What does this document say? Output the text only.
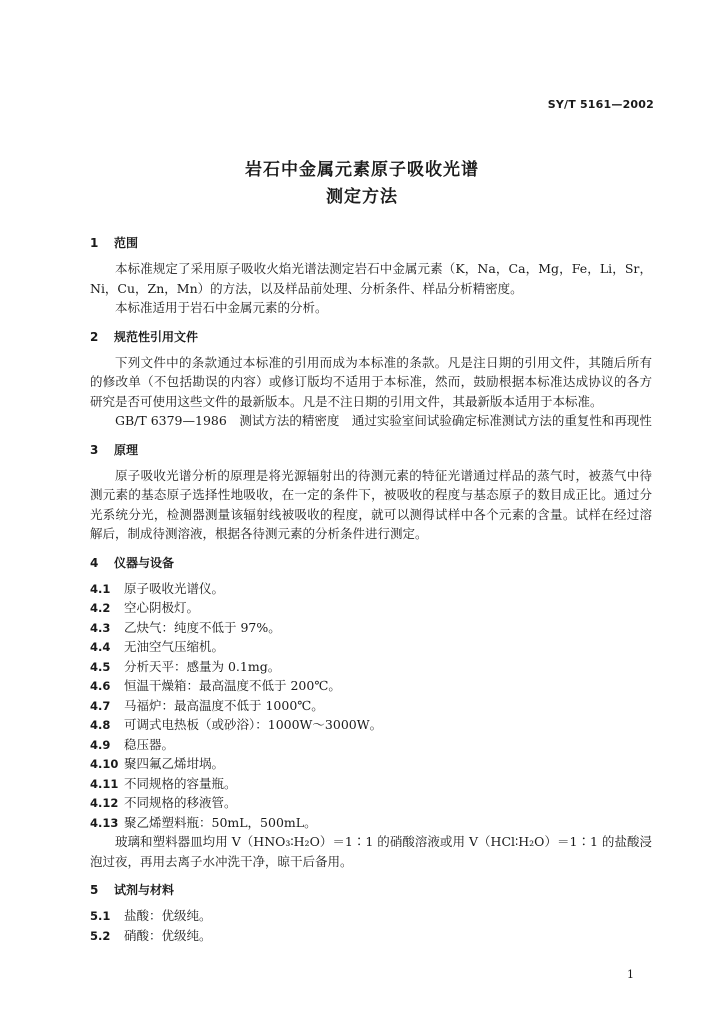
SY/T 5161—2002
岩石中金属元素原子吸收光谱
测定方法
1 范围
本标准规定了采用原子吸收火焰光谱法测定岩石中金属元素（K，Na，Ca，Mg，Fe，Li，Sr，Ni，Cu，Zn，Mn）的方法，以及样品前处理、分析条件、样品分析精密度。
本标准适用于岩石中金属元素的分析。
2 规范性引用文件
下列文件中的条款通过本标准的引用而成为本标准的条款。凡是注日期的引用文件，其随后所有的修改单（不包括勘误的内容）或修订版均不适用于本标准，然而，鼓励根据本标准达成协议的各方研究是否可使用这些文件的最新版本。凡是不注日期的引用文件，其最新版本适用于本标准。
GB/T 6379—1986　测试方法的精密度　通过实验室间试验确定标准测试方法的重复性和再现性
3 原理
原子吸收光谱分析的原理是将光源辐射出的待测元素的特征光谱通过样品的蒸气时，被蒸气中待测元素的基态原子选择性地吸收，在一定的条件下，被吸收的程度与基态原子的数目成正比。通过分光系统分光，检测器测量该辐射线被吸收的程度，就可以测得试样中各个元素的含量。试样在经过溶解后，制成待测溶液，根据各待测元素的分析条件进行测定。
4 仪器与设备
4.1 原子吸收光谱仪。
4.2 空心阴极灯。
4.3 乙炔气：纯度不低于 97%。
4.4 无油空气压缩机。
4.5 分析天平：感量为 0.1mg。
4.6 恒温干燥箱：最高温度不低于 200℃。
4.7 马福炉：最高温度不低于 1000℃。
4.8 可调式电热板（或砂浴）：1000W～3000W。
4.9 稳压器。
4.10 聚四氟乙烯坩埚。
4.11 不同规格的容量瓶。
4.12 不同规格的移液管。
4.13 聚乙烯塑料瓶：50mL，500mL。
玻璃和塑料器皿均用 V（HNO₃∶H₂O）＝1∶1 的硝酸溶液或用 V（HCl∶H₂O）＝1∶1 的盐酸浸泡过夜，再用去离子水冲洗干净，晾干后备用。
5 试剂与材料
5.1 盐酸：优级纯。
5.2 硝酸：优级纯。
1
